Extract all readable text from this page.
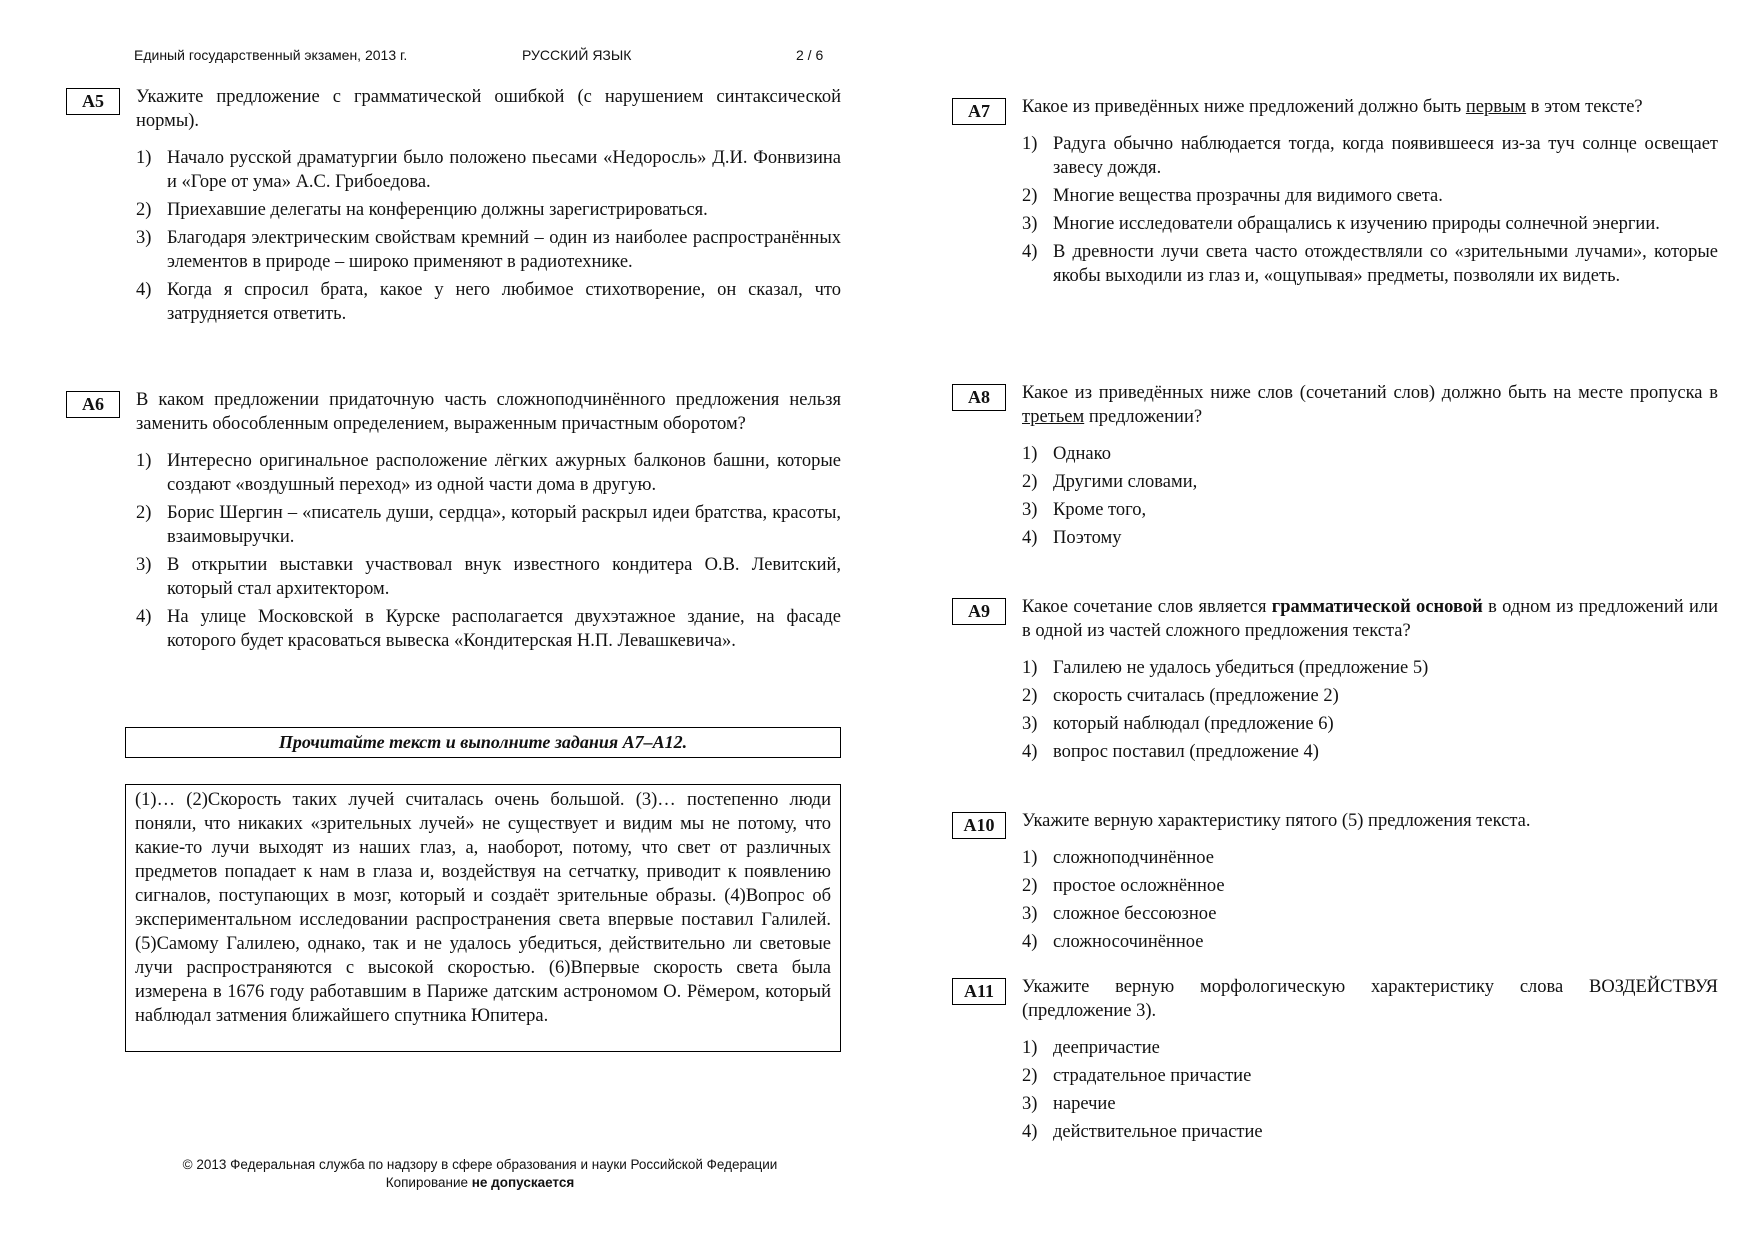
Единый государственный экзамен, 2013 г.	РУССКИЙ ЯЗЫК	2 / 6
A5	Укажите предложение с грамматической ошибкой (с нарушением синтаксической нормы).
1) Начало русской драматургии было положено пьесами «Недоросль» Д.И. Фонвизина и «Горе от ума» А.С. Грибоедова.
2) Приехавшие делегаты на конференцию должны зарегистрироваться.
3) Благодаря электрическим свойствам кремний – один из наиболее распространённых элементов в природе – широко применяют в радиотехнике.
4) Когда я спросил брата, какое у него любимое стихотворение, он сказал, что затрудняется ответить.
A6	В каком предложении придаточную часть сложноподчинённого предложения нельзя заменить обособленным определением, выраженным причастным оборотом?
1) Интересно оригинальное расположение лёгких ажурных балконов башни, которые создают «воздушный переход» из одной части дома в другую.
2) Борис Шергин – «писатель души, сердца», который раскрыл идеи братства, красоты, взаимовыручки.
3) В открытии выставки участвовал внук известного кондитера О.В. Левитский, который стал архитектором.
4) На улице Московской в Курске располагается двухэтажное здание, на фасаде которого будет красоваться вывеска «Кондитерская Н.П. Левашкевича».
Прочитайте текст и выполните задания А7–А12.
(1)… (2)Скорость таких лучей считалась очень большой. (3)… постепенно люди поняли, что никаких «зрительных лучей» не существует и видим мы не потому, что какие-то лучи выходят из наших глаз, а, наоборот, потому, что свет от различных предметов попадает к нам в глаза и, воздействуя на сетчатку, приводит к появлению сигналов, поступающих в мозг, который и создаёт зрительные образы. (4)Вопрос об экспериментальном исследовании распространения света впервые поставил Галилей. (5)Самому Галилею, однако, так и не удалось убедиться, действительно ли световые лучи распространяются с высокой скоростью. (6)Впервые скорость света была измерена в 1676 году работавшим в Париже датским астрономом О. Рёмером, который наблюдал затмения ближайшего спутника Юпитера.
A7	Какое из приведённых ниже предложений должно быть первым в этом тексте?
1) Радуга обычно наблюдается тогда, когда появившееся из-за туч солнце освещает завесу дождя.
2) Многие вещества прозрачны для видимого света.
3) Многие исследователи обращались к изучению природы солнечной энергии.
4) В древности лучи света часто отождествляли со «зрительными лучами», которые якобы выходили из глаз и, «ощупывая» предметы, позволяли их видеть.
A8	Какое из приведённых ниже слов (сочетаний слов) должно быть на месте пропуска в третьем предложении?
1) Однако
2) Другими словами,
3) Кроме того,
4) Поэтому
A9	Какое сочетание слов является грамматической основой в одном из предложений или в одной из частей сложного предложения текста?
1) Галилею не удалось убедиться (предложение 5)
2) скорость считалась (предложение 2)
3) который наблюдал (предложение 6)
4) вопрос поставил (предложение 4)
A10	Укажите верную характеристику пятого (5) предложения текста.
1) сложноподчинённое
2) простое осложнённое
3) сложное бессоюзное
4) сложносочинённое
A11	Укажите верную морфологическую характеристику слова ВОЗДЕЙСТВУЯ (предложение 3).
1) деепричастие
2) страдательное причастие
3) наречие
4) действительное причастие
© 2013 Федеральная служба по надзору в сфере образования и науки Российской Федерации
Копирование не допускается
